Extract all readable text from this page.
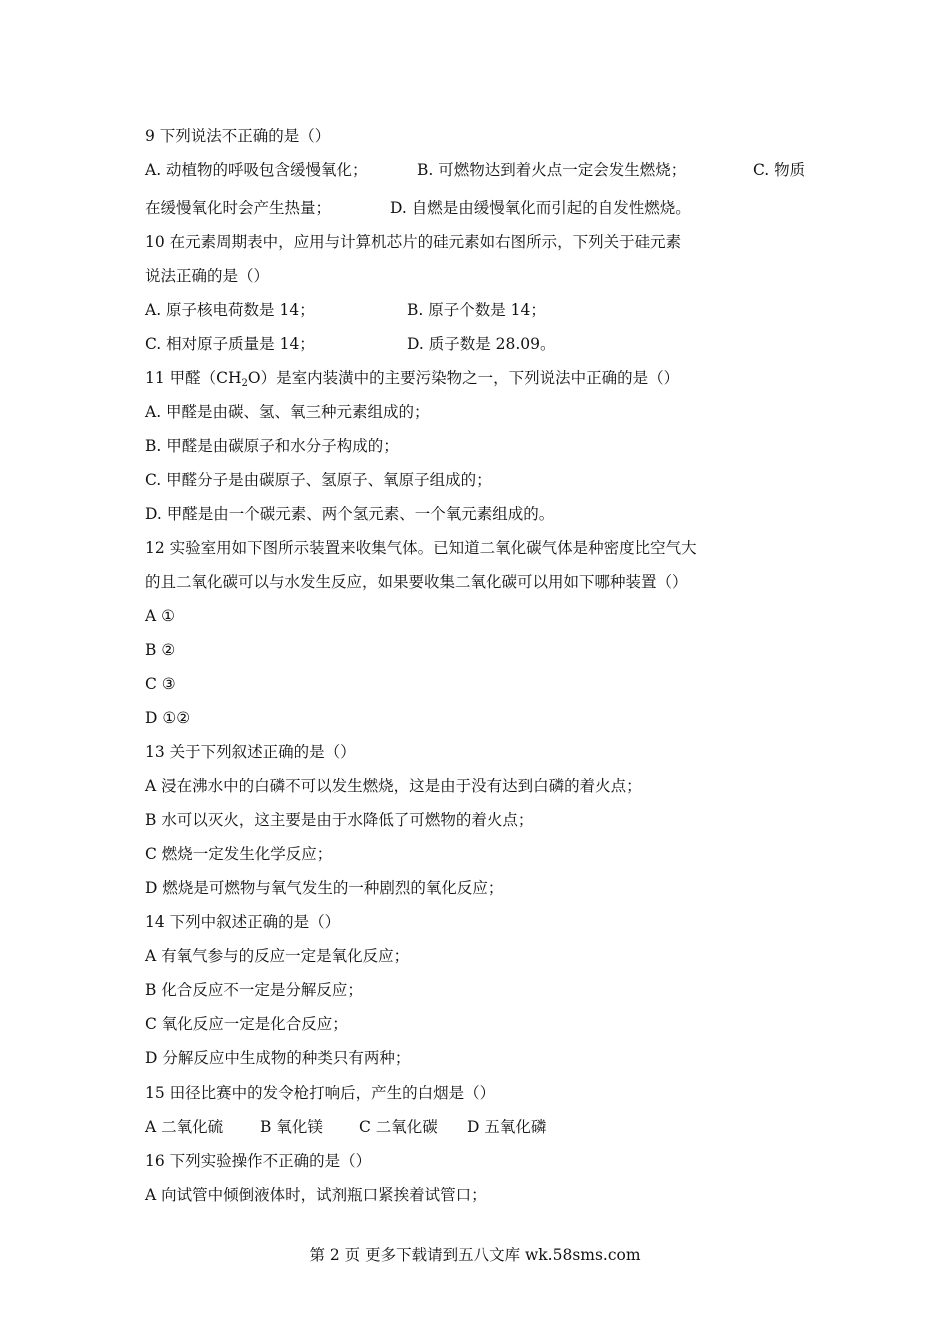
9 下列说法不正确的是（）
A. 动植物的呼吸包含缓慢氧化；	B. 可燃物达到着火点一定会发生燃烧；	C. 物质
在缓慢氧化时会产生热量；	D. 自燃是由缓慢氧化而引起的自发性燃烧。
10 在元素周期表中，应用与计算机芯片的硅元素如右图所示，下列关于硅元素
说法正确的是（）
A. 原子核电荷数是 14；	B. 原子个数是 14；
C. 相对原子质量是 14；	D. 质子数是 28.09。
11 甲醛$(CH_2O)$是室内装潢中的主要污染物之一，下列说法中正确的是（）
A. 甲醛是由碳、氢、氧三种元素组成的；
B. 甲醛是由碳原子和水分子构成的；
C. 甲醛分子是由碳原子、氢原子、氧原子组成的；
D. 甲醛是由一个碳元素、两个氢元素、一个氧元素组成的。
12 实验室用如下图所示装置来收集气体。已知道二氧化碳气体是种密度比空气大
的且二氧化碳可以与水发生反应，如果要收集二氧化碳可以用如下哪种装置（）
A ①
B ②
C ③
D ①②
13 关于下列叙述正确的是（）
A 浸在沸水中的白磷不可以发生燃烧，这是由于没有达到白磷的着火点；
B 水可以灭火，这主要是由于水降低了可燃物的着火点；
C 燃烧一定发生化学反应；
D 燃烧是可燃物与氧气发生的一种剧烈的氧化反应；
14 下列中叙述正确的是（）
A 有氧气参与的反应一定是氧化反应；
B 化合反应不一定是分解反应；
C 氧化反应一定是化合反应；
D 分解反应中生成物的种类只有两种；
15 田径比赛中的发令枪打响后，产生的白烟是（）
A 二氧化硫 B 氧化镁 C 二氧化碳 D 五氧化磷
16 下列实验操作不正确的是（）
A 向试管中倾倒液体时，试剂瓶口紧挨着试管口；
第 2 页 更多下载请到五八文库 wk.58sms.com
